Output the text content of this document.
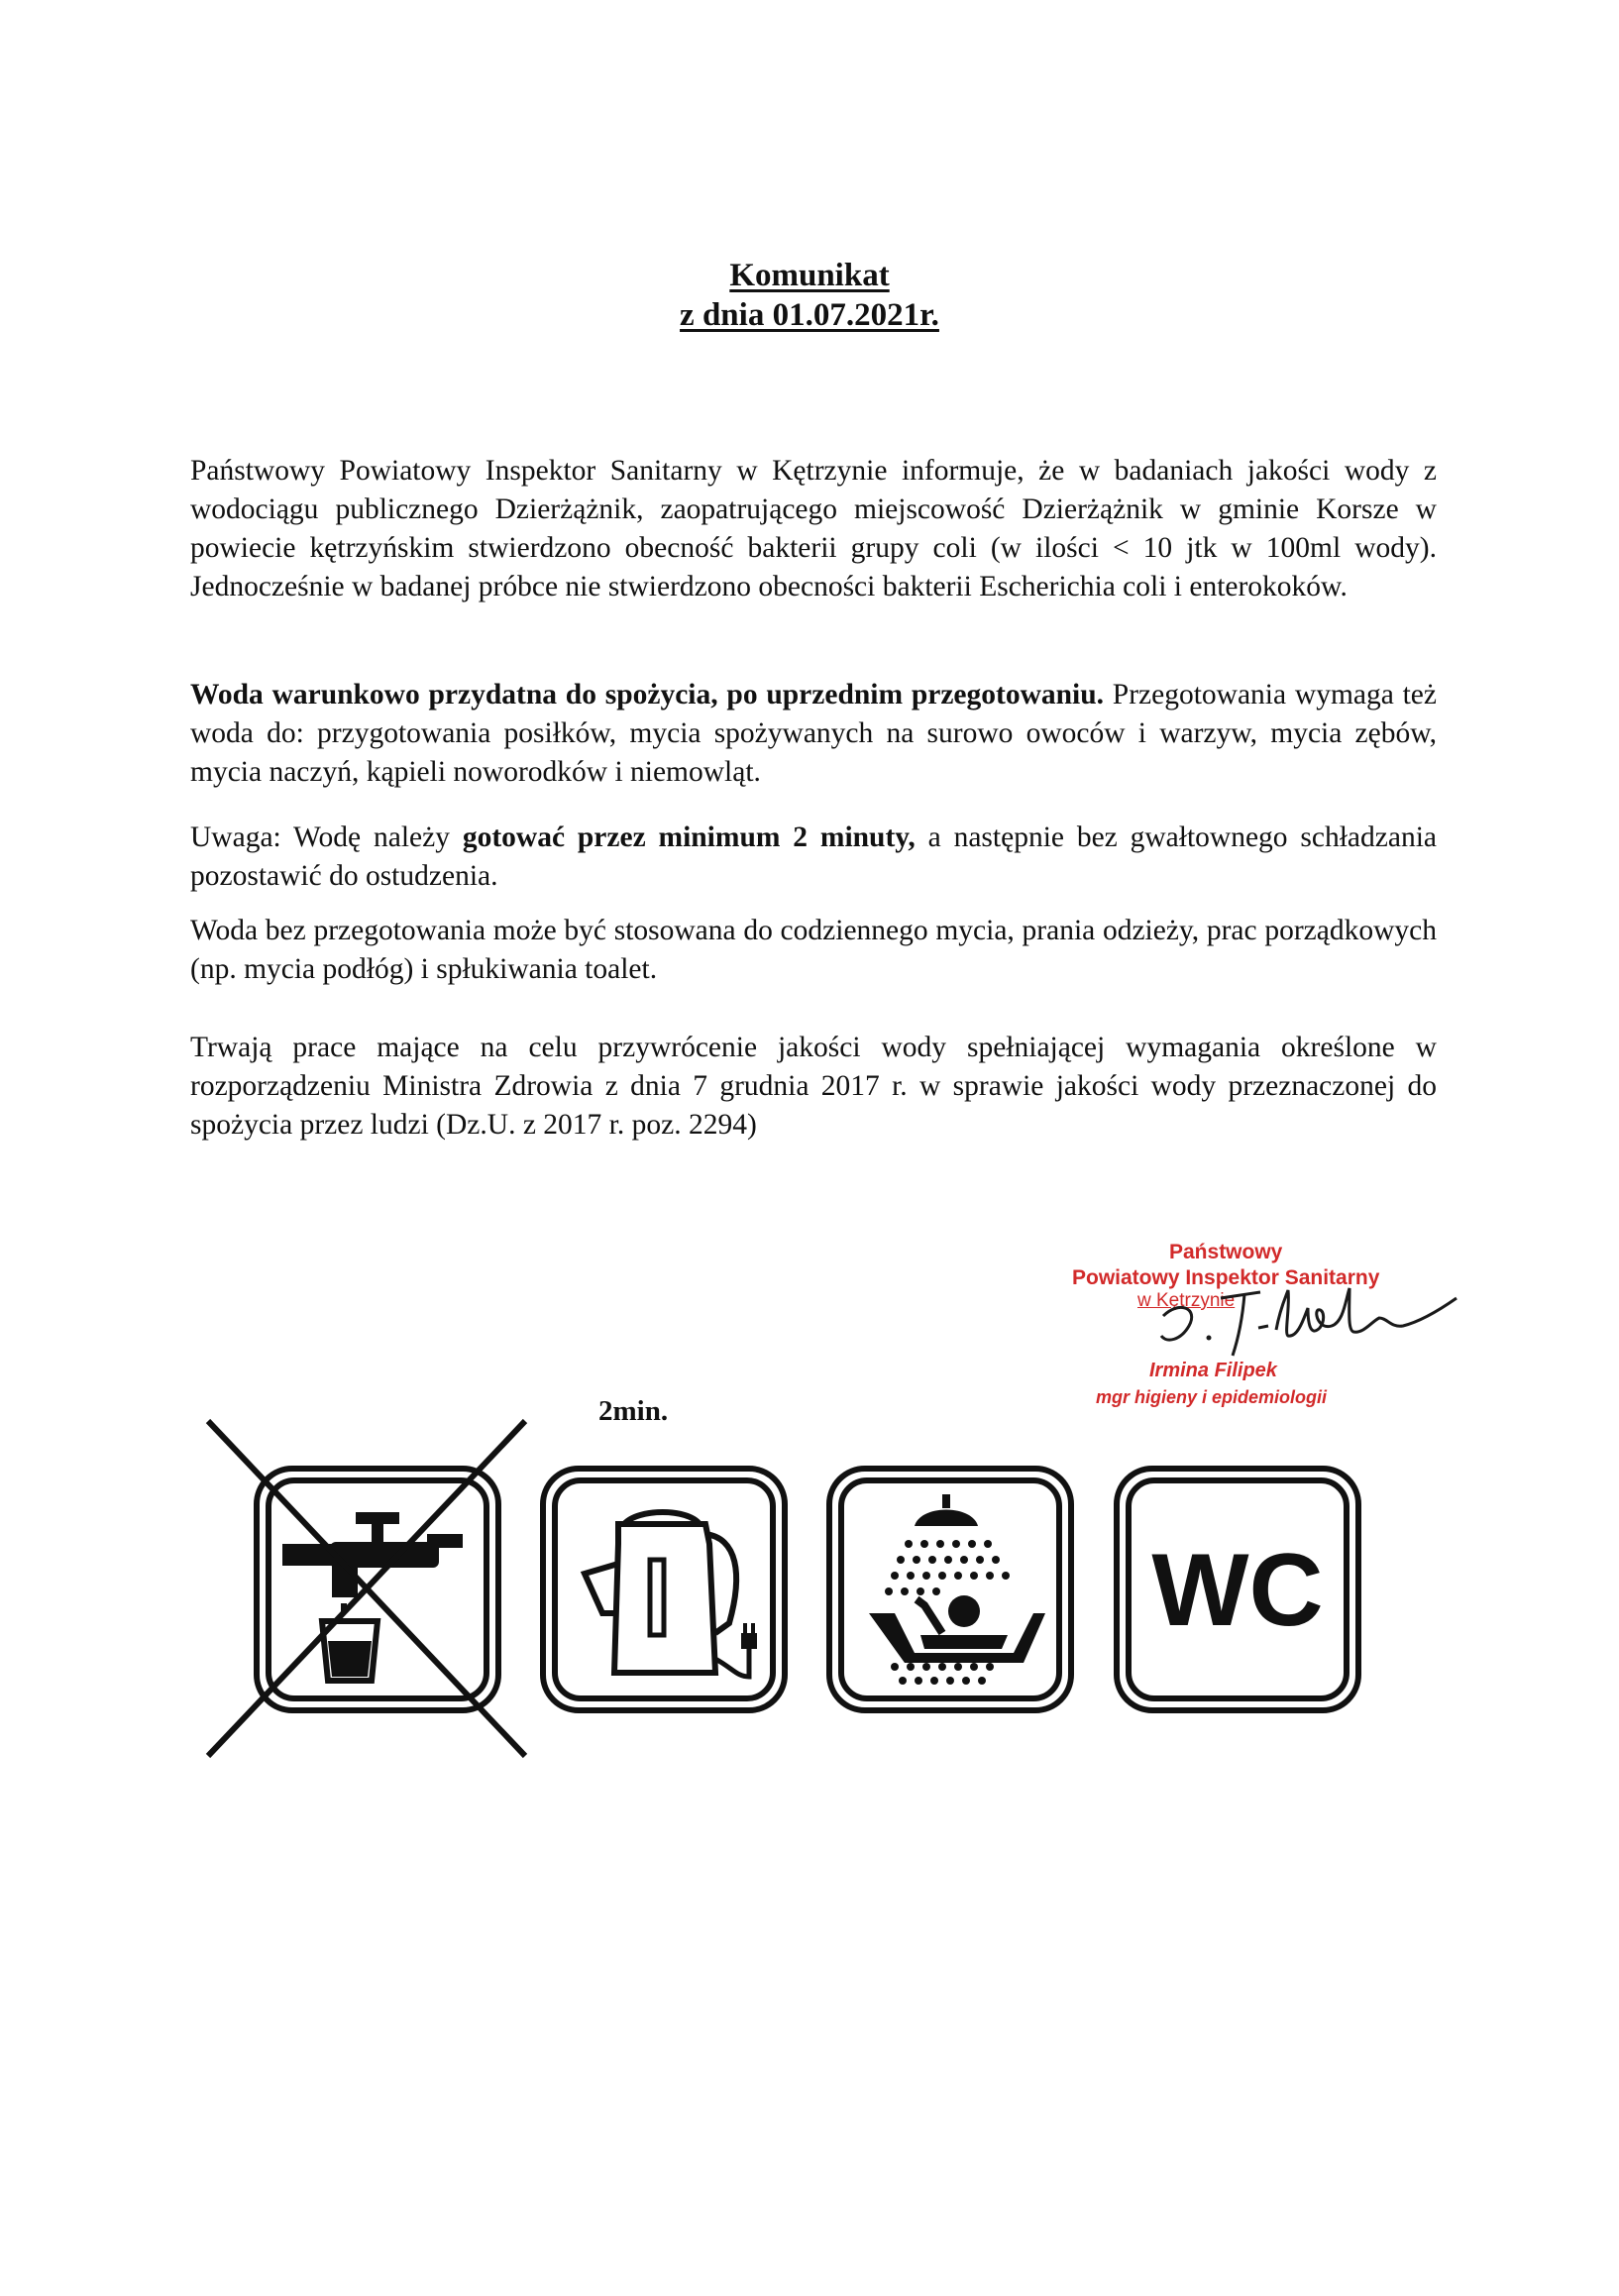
Komunikat
z dnia 01.07.2021r.
Państwowy Powiatowy Inspektor Sanitarny w Kętrzynie informuje, że w badaniach jakości wody z wodociągu publicznego Dzierżążnik, zaopatrującego miejscowość Dzierżążnik w gminie Korsze w powiecie kętrzyńskim stwierdzono obecność bakterii grupy coli (w ilości < 10 jtk w 100ml wody). Jednocześnie w badanej próbce nie stwierdzono obecności bakterii Escherichia coli i enterokoków.
Woda warunkowo przydatna do spożycia, po uprzednim przegotowaniu. Przegotowania wymaga też woda do: przygotowania posiłków, mycia spożywanych na surowo owoców i warzyw, mycia zębów, mycia naczyń, kąpieli noworodków i niemowląt.
Uwaga: Wodę należy gotować przez minimum 2 minuty, a następnie bez gwałtownego schładzania pozostawić do ostudzenia.
Woda bez przegotowania może być stosowana do codziennego mycia, prania odzieży, prac porządkowych (np. mycia podłóg) i spłukiwania toalet.
Trwają prace mające na celu przywrócenie jakości wody spełniającej wymagania określone w rozporządzeniu Ministra Zdrowia z dnia 7 grudnia 2017 r. w sprawie jakości wody przeznaczonej do spożycia przez ludzi (Dz.U. z 2017 r. poz. 2294)
Państwowy
Powiatowy Inspektor Sanitarny
w Kętrzynie
Irmina Filipek
mgr higieny i epidemiologii
2min.
WC
